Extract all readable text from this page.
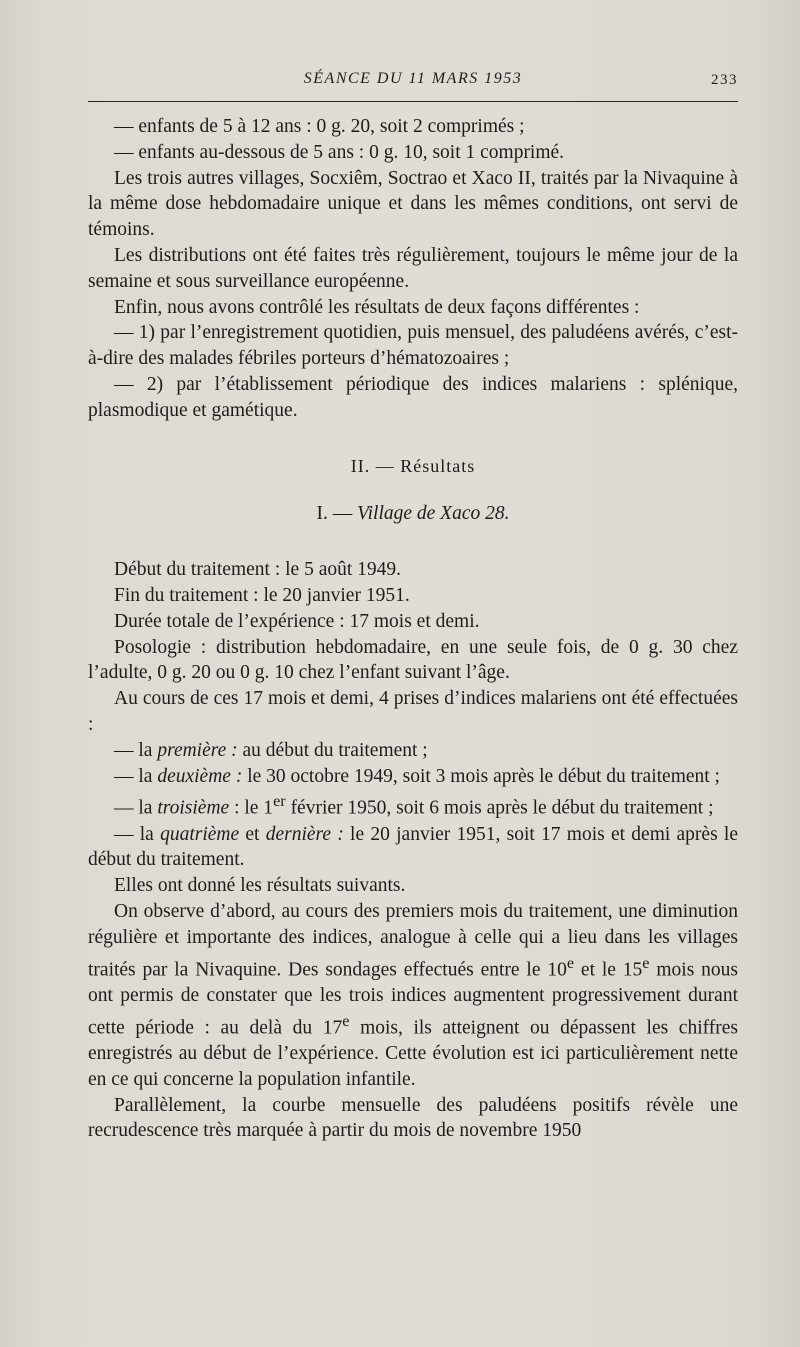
SÉANCE DU 11 MARS 1953	233

— enfants de 5 à 12 ans : 0 g. 20, soit 2 comprimés ;

— enfants au-dessous de 5 ans : 0 g. 10, soit 1 comprimé.

Les trois autres villages, Socxiêm, Soctrao et Xaco II, traités par la Nivaquine à la même dose hebdomadaire unique et dans les mêmes conditions, ont servi de témoins.

Les distributions ont été faites très régulièrement, toujours le même jour de la semaine et sous surveillance européenne.

Enfin, nous avons contrôlé les résultats de deux façons différentes :

— 1) par l’enregistrement quotidien, puis mensuel, des paludéens avérés, c’est-à-dire des malades fébriles porteurs d’hématozoaires ;

— 2) par l’établissement périodique des indices malariens : splénique, plasmodique et gamétique.

II. — Résultats

I. — Village de Xaco 28.

Début du traitement : le 5 août 1949.

Fin du traitement : le 20 janvier 1951.

Durée totale de l’expérience : 17 mois et demi.

Posologie : distribution hebdomadaire, en une seule fois, de 0 g. 30 chez l’adulte, 0 g. 20 ou 0 g. 10 chez l’enfant suivant l’âge.

Au cours de ces 17 mois et demi, 4 prises d’indices malariens ont été effectuées :

— la première : au début du traitement ;

— la deuxième : le 30 octobre 1949, soit 3 mois après le début du traitement ;

— la troisième : le 1er février 1950, soit 6 mois après le début du traitement ;

— la quatrième et dernière : le 20 janvier 1951, soit 17 mois et demi après le début du traitement.

Elles ont donné les résultats suivants.

On observe d’abord, au cours des premiers mois du traitement, une diminution régulière et importante des indices, analogue à celle qui a lieu dans les villages traités par la Nivaquine. Des sondages effectués entre le 10e et le 15e mois nous ont permis de constater que les trois indices augmentent progressivement durant cette période : au delà du 17e mois, ils atteignent ou dépassent les chiffres enregistrés au début de l’expérience. Cette évolution est ici particulièrement nette en ce qui concerne la population infantile.

Parallèlement, la courbe mensuelle des paludéens positifs révèle une recrudescence très marquée à partir du mois de novembre 1950
